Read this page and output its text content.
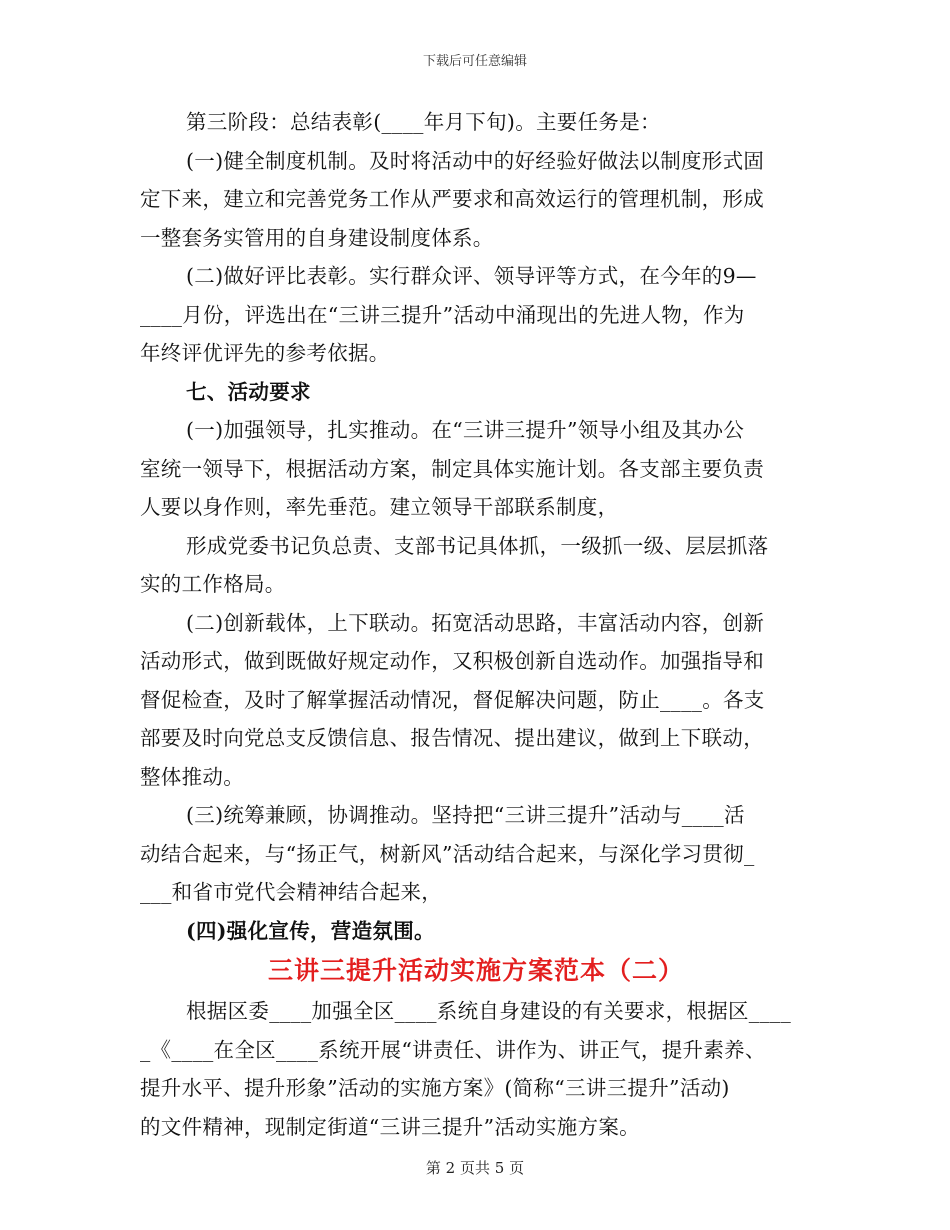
下载后可任意编辑
第三阶段：总结表彰(____年月下旬)。主要任务是：
(一)健全制度机制。及时将活动中的好经验好做法以制度形式固
定下来，建立和完善党务工作从严要求和高效运行的管理机制，形成
一整套务实管用的自身建设制度体系。
(二)做好评比表彰。实行群众评、领导评等方式，在今年的9—
____月份，评选出在“三讲三提升”活动中涌现出的先进人物，作为
年终评优评先的参考依据。
七、活动要求
(一)加强领导，扎实推动。在“三讲三提升”领导小组及其办公
室统一领导下，根据活动方案，制定具体实施计划。各支部主要负责
人要以身作则，率先垂范。建立领导干部联系制度，
形成党委书记负总责、支部书记具体抓，一级抓一级、层层抓落
实的工作格局。
(二)创新载体，上下联动。拓宽活动思路，丰富活动内容，创新
活动形式，做到既做好规定动作，又积极创新自选动作。加强指导和
督促检查，及时了解掌握活动情况，督促解决问题，防止____。各支
部要及时向党总支反馈信息、报告情况、提出建议，做到上下联动，
整体推动。
(三)统筹兼顾，协调推动。坚持把“三讲三提升”活动与____活
动结合起来，与“扬正气，树新风”活动结合起来，与深化学习贯彻_
___和省市党代会精神结合起来，
(四)强化宣传，营造氛围。
三讲三提升活动实施方案范本（二）
根据区委____加强全区____系统自身建设的有关要求，根据区____
_《____在全区____系统开展“讲责任、讲作为、讲正气，提升素养、
提升水平、提升形象”活动的实施方案》(简称“三讲三提升”活动)
的文件精神，现制定街道“三讲三提升”活动实施方案。
第 2 页共 5 页
